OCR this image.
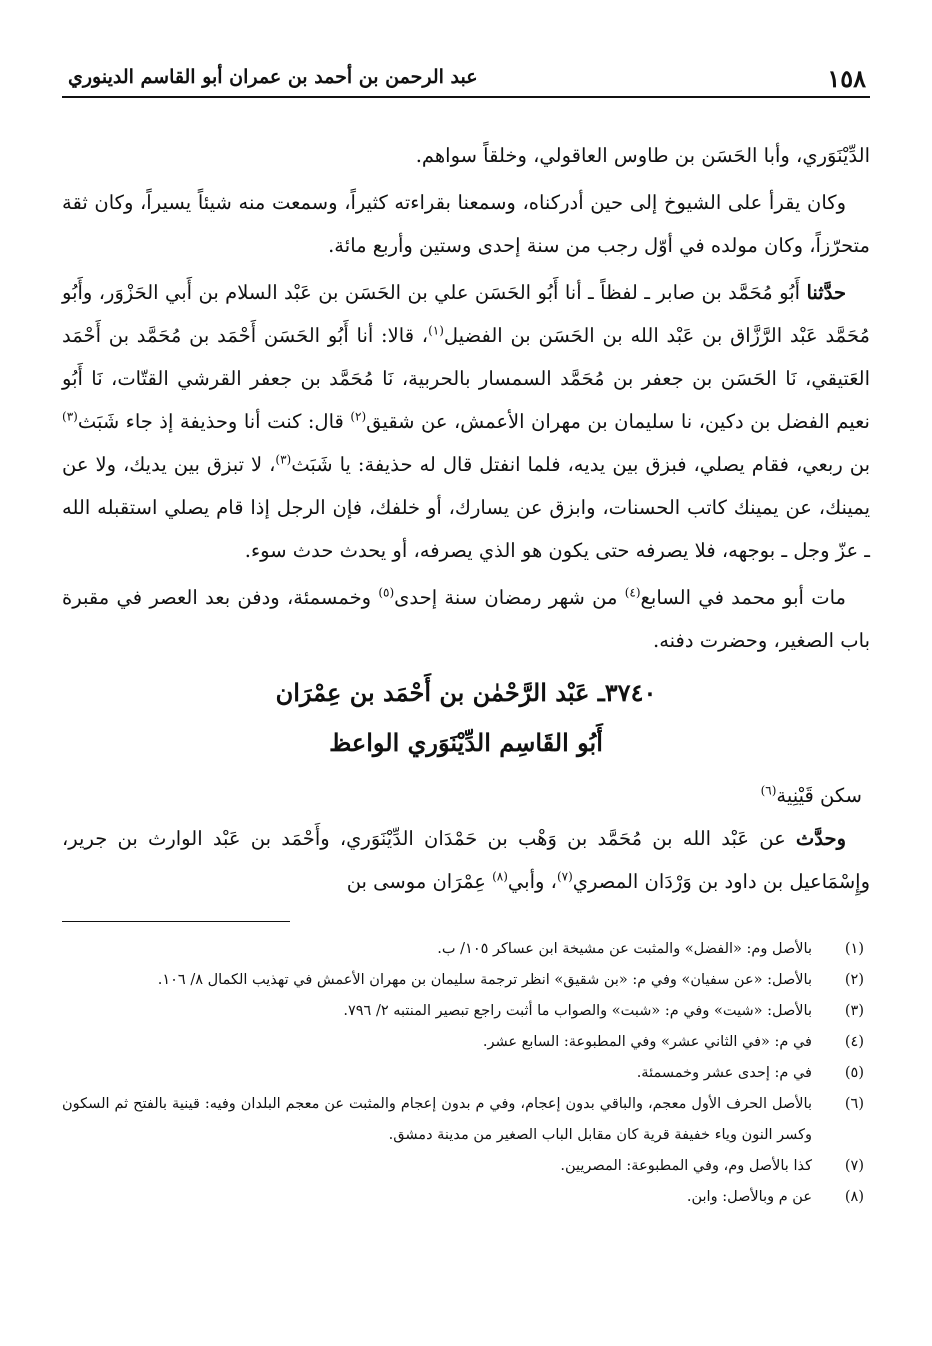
١٥٨
عبد الرحمن بن أحمد بن عمران أبو القاسم الدينوري

الدِّيْنَوَري، وأبا الحَسَن بن طاوس العاقولي، وخلقاً سواهم.

وكان يقرأ على الشيوخ إلى حين أدركناه، وسمعنا بقراءته كثيراً، وسمعت منه شيئاً يسيراً، وكان ثقة متحرّزاً، وكان مولده في أوّل رجب من سنة إحدى وستين وأربع مائة.

حدَّثنا أَبُو مُحَمَّد بن صابر ـ لفظاً ـ أنا أَبُو الحَسَن علي بن الحَسَن بن عَبْد السلام بن أَبي الحَزْوَر، وأَبُو مُحَمَّد عَبْد الرَّزَّاق بن عَبْد الله بن الحَسَن بن الفضيل$^{(١)}$، قالا: أنا أَبُو الحَسَن أَحْمَد بن مُحَمَّد بن أَحْمَد العَتيقي، نَا الحَسَن بن جعفر بن مُحَمَّد السمسار بالحربية، نَا مُحَمَّد بن جعفر القرشي القتّات، نَا أَبُو نعيم الفضل بن دكين، نا سليمان بن مهران الأعمش، عن شقيق$^{(٢)}$ قال: كنت أنا وحذيفة إذ جاء شَبَث$^{(٣)}$ بن ربعي، فقام يصلي، فبزق بين يديه، فلما انفتل قال له حذيفة: يا شَبَث$^{(٣)}$، لا تبزق بين يديك، ولا عن يمينك، عن يمينك كاتب الحسنات، وابزق عن يسارك، أو خلفك، فإن الرجل إذا قام يصلي استقبله الله ـ عزّ وجل ـ بوجهه، فلا يصرفه حتى يكون هو الذي يصرفه، أو يحدث حدث سوء.

مات أبو محمد في السابع$^{(٤)}$ من شهر رمضان سنة إحدى$^{(٥)}$ وخمسمئة، ودفن بعد العصر في مقبرة باب الصغير، وحضرت دفنه.

٣٧٤٠ـ عَبْد الرَّحْمٰن بن أَحْمَد بن عِمْرَان
أَبُو القَاسِم الدِّيْنَوَري الواعظ
سكن قَيْنِية$^{(٦)}$

وحدَّث عن عَبْد الله بن مُحَمَّد بن وَهْب بن حَمْدَان الدِّيْنَوَري، وأَحْمَد بن عَبْد الوارث بن جرير، وإِسْمَاعيل بن داود بن وَرْدَان المصري$^{(٧)}$، وأبي$^{(٨)}$ عِمْرَان موسى بن

(١)
بالأصل وم: «الفضل» والمثبت عن مشيخة ابن عساكر ١٠٥/ ب.
(٢)
بالأصل: «عن سفيان» وفي م: «بن شقيق» انظر ترجمة سليمان بن مهران الأعمش في تهذيب الكمال ٨/ ١٠٦.
(٣)
بالأصل: «شيت» وفي م: «شبت» والصواب ما أثبت راجع تبصير المنتبه ٢/ ٧٩٦.
(٤)
في م: «في الثاني عشر» وفي المطبوعة: السابع عشر.
(٥)
في م: إحدى عشر وخمسمئة.
(٦)
بالأصل الحرف الأول معجم، والباقي بدون إعجام، وفي م بدون إعجام والمثبت عن معجم البلدان وفيه: قينية بالفتح ثم السكون وكسر النون وياء خفيفة قرية كان مقابل الباب الصغير من مدينة دمشق.
(٧)
كذا بالأصل وم، وفي المطبوعة: المصريين.
(٨)
عن م وبالأصل: وابن.
